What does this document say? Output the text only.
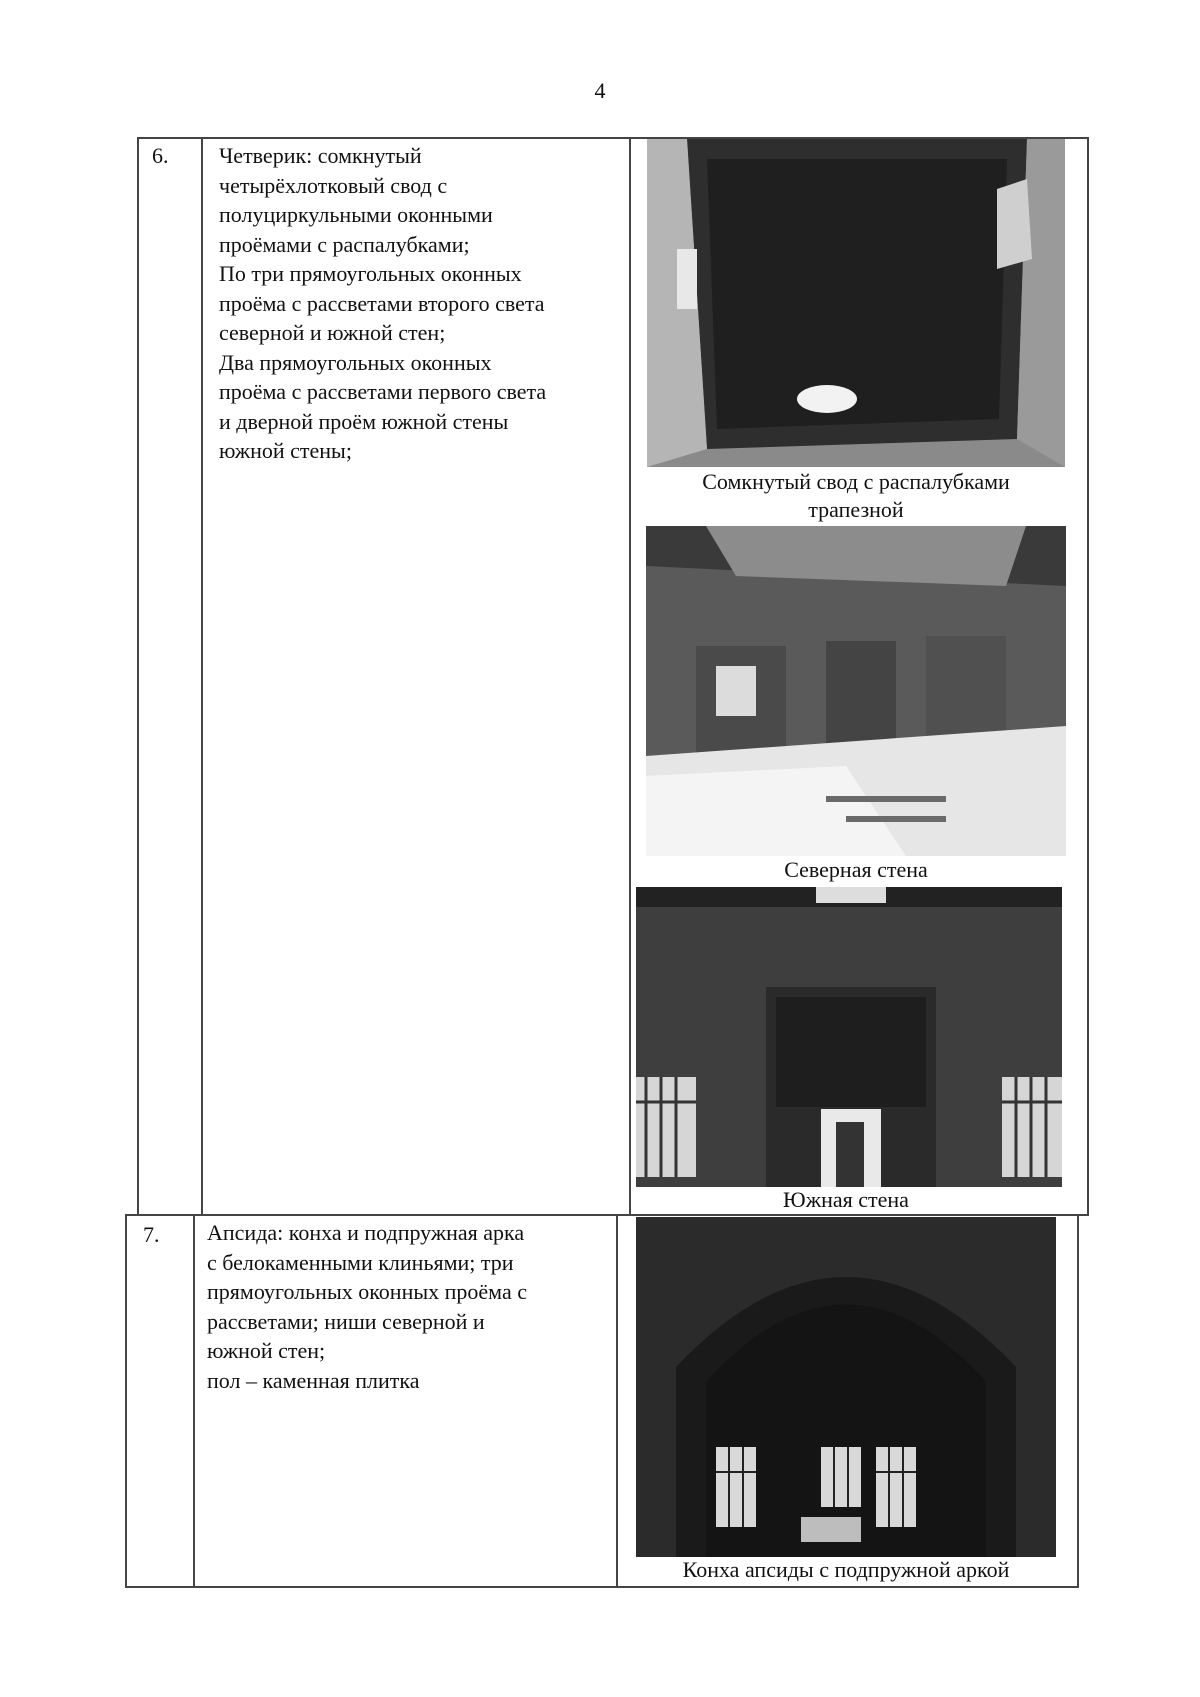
4
6. Четверик: сомкнутый
четырёхлотковый свод с
полуциркульными оконными
проёмами с распалубками;
По три прямоугольных оконных
проёма с рассветами второго света
северной и южной стен;
Два прямоугольных оконных
проёма с рассветами первого света
и дверной проём южной стены
южной стены;
Сомкнутый свод с распалубками
трапезной
Северная стена
Южная стена
7. Апсида: конха и подпружная арка
с белокаменными клиньями; три
прямоугольных оконных проёма с
рассветами; ниши северной и
южной стен;
пол – каменная плитка
Конха апсиды с подпружной аркой
